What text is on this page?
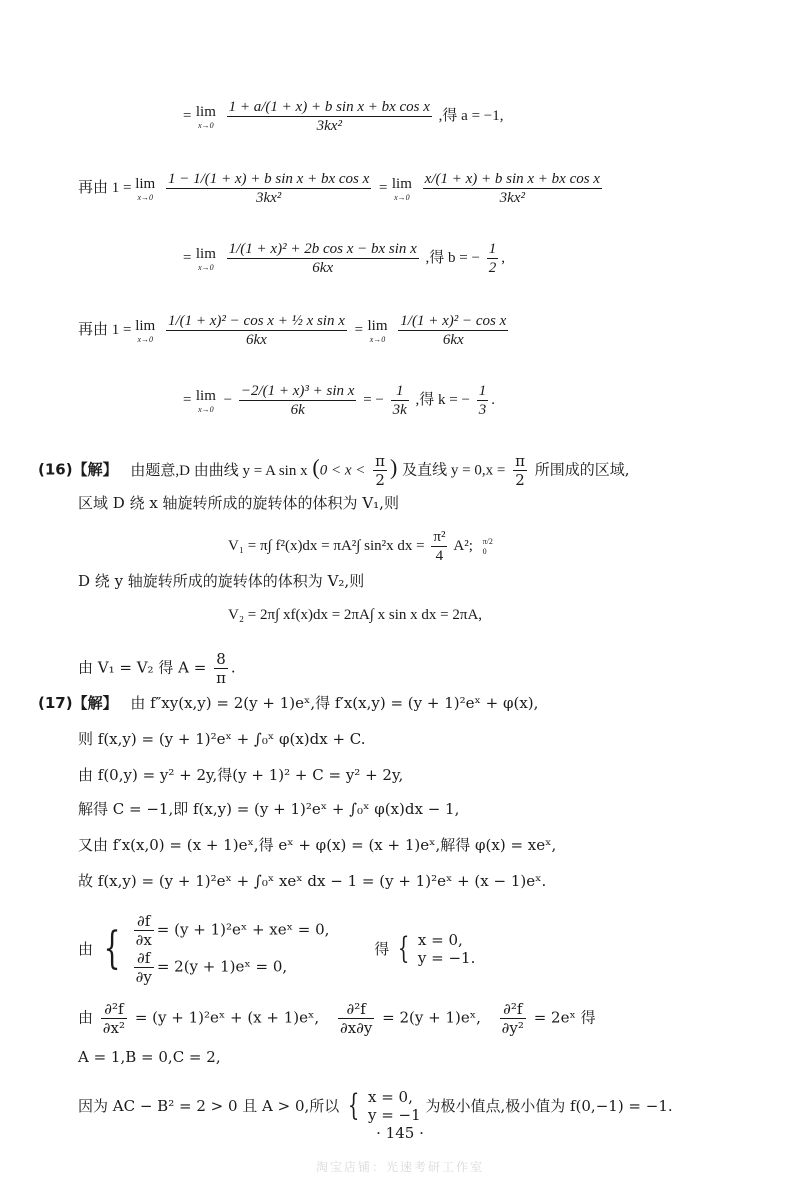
= lim
x→0
$\frac{\text{1 + a/(1 + x) + b sin x + bx cos x}}{\text{3kx²}}$ ,得 a = −1,
再由 1 = lim
x→0
$\frac{\text{1 − 1/(1 + x) + b sin x + bx cos x}}{\text{3kx²}} = \lim$
x→0
$\frac{\text{x/(1 + x) + b sin x + bx cos x}}{\text{3kx²}}$
= lim
x→0
$\frac{\text{1/(1 + x)² + 2b cos x − bx sin x}}{6kx}$ ,得 b = − $\frac{1}{2}$ ,
再由 1 = lim
x→0
$\frac{\text{1/(1 + x)² − cos x + ½ x sin x}}{6kx} = \lim$
x→0
$\frac{\text{1/(1 + x)² − cos x}}{6kx}$
= lim
x→0
− $\frac{\text{−2/(1 + x)³ + sin x}}{6k}$ = − $\frac{1}{3k}$ ,得 k = − $\frac{1}{3}$ .
(16)【解】 由题意,D 由曲线 y = A sin x ($0 < x < \frac{\pi}{2}$ ) 及直线 $y = 0,x = \frac{\pi}{2}$ 所围成的区域,
区域 D 绕 x 轴旋转所成的旋转体的体积为 V₁,则
V₁ = π∫ f²(x)dx = πA²∫ sin²x dx = $\frac{\text{π²}}{4} A^2$; π/2
0
D 绕 y 轴旋转所成的旋转体的体积为 V₂,则
V₂ = 2π∫ xf(x)dx = 2πA∫ x sin x dx = 2πA,
由 V₁ = V₂ 得 $A = \frac{8}{\pi}$ .
(17)【解】 由 f″xy(x,y) = 2(y + 1)eˣ,得 f′x(x,y) = (y + 1)²eˣ + φ(x),
则 f(x,y) = (y + 1)²eˣ + ∫₀ˣ φ(x)dx + C.
由 f(0,y) = y² + 2y,得(y + 1)² + C = y² + 2y,
解得 C = −1,即 f(x,y) = (y + 1)²eˣ + ∫₀ˣ φ(x)dx − 1,
又由 f′x(x,0) = (x + 1)eˣ,得 eˣ + φ(x) = (x + 1)eˣ,解得 φ(x) = xeˣ,
故 f(x,y) = (y + 1)²eˣ + ∫₀ˣ xeˣ dx − 1 = (y + 1)²eˣ + (x − 1)eˣ.
由 { $\frac{\partial f}{\partial x} = (y$ + 1)²eˣ + xeˣ = 0,
$\frac{\partial f}{\partial y} = 2(y$ + 1)eˣ = 0,
得 { x = 0,
y = −1.
由 $\frac{\text{∂²f}}{\text{∂x²}} = (y$ + 1)²eˣ + (x + 1)eˣ, $\frac{\text{∂²f}}{\partial x\partial y} = 2(y$ + 1)eˣ, $\frac{\text{∂²f}}{\text{∂y²}}$ = 2eˣ 得
A = 1,B = 0,C = 2,
因为 AC − B² = 2 > 0 且 A > 0,所以 { x = 0,
y = −1 为极小值点,极小值为 f(0,−1) = −1.
· 145 ·
淘宝店铺：光速考研工作室
